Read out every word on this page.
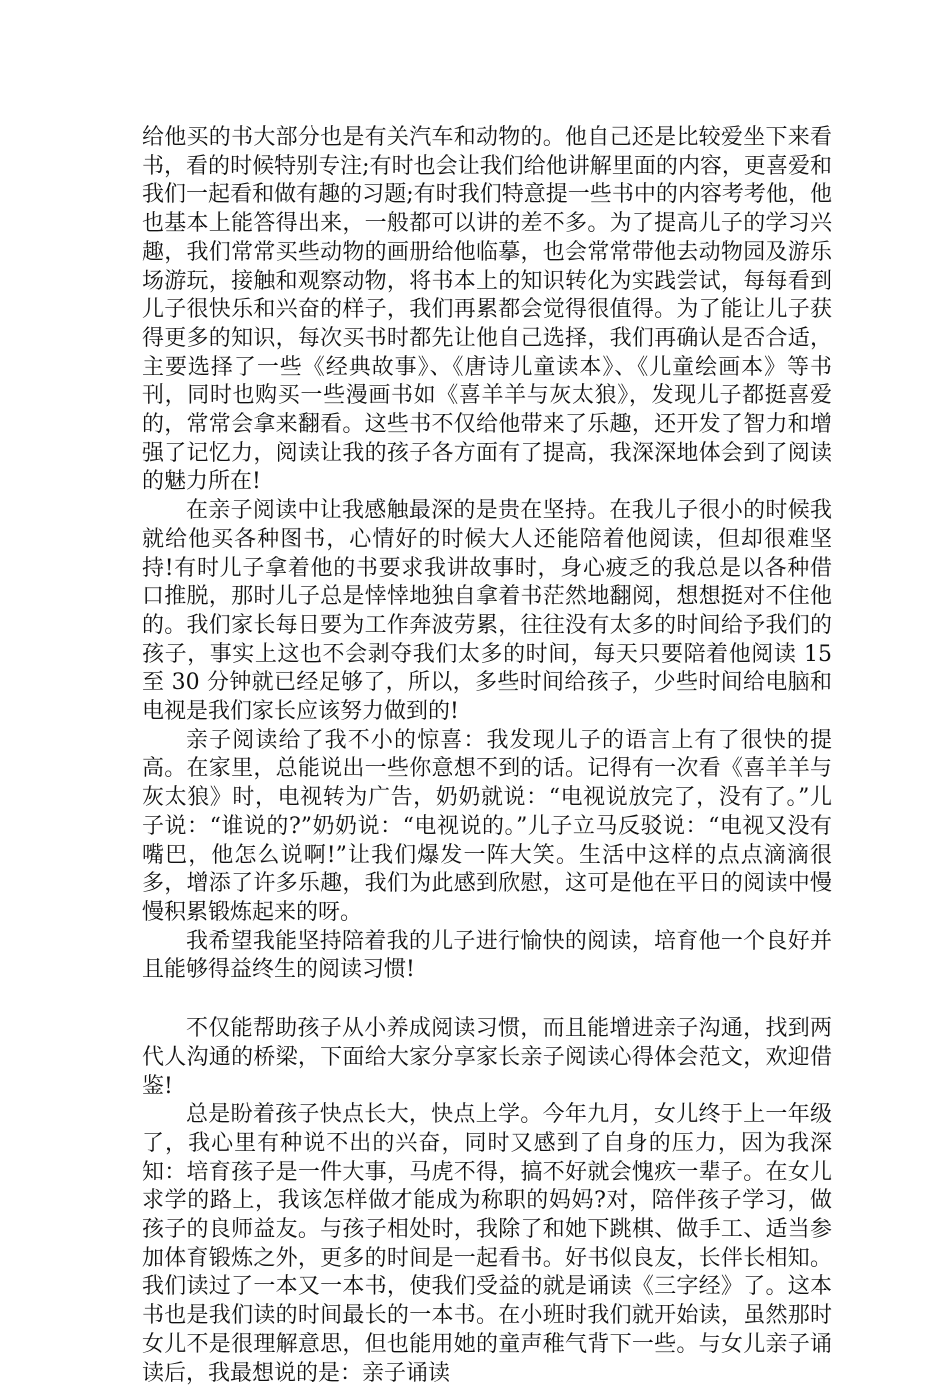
给他买的书大部分也是有关汽车和动物的。他自己还是比较爱坐下来看书，看的时候特别专注;有时也会让我们给他讲解里面的内容，更喜爱和我们一起看和做有趣的习题;有时我们特意提一些书中的内容考考他，他也基本上能答得出来，一般都可以讲的差不多。为了提高儿子的学习兴趣，我们常常买些动物的画册给他临摹，也会常常带他去动物园及游乐场游玩，接触和观察动物，将书本上的知识转化为实践尝试，每每看到儿子很快乐和兴奋的样子，我们再累都会觉得很值得。为了能让儿子获得更多的知识，每次买书时都先让他自己选择，我们再确认是否合适，主要选择了一些《经典故事》、《唐诗儿童读本》、《儿童绘画本》等书刊，同时也购买一些漫画书如《喜羊羊与灰太狼》，发现儿子都挺喜爱的，常常会拿来翻看。这些书不仅给他带来了乐趣，还开发了智力和增强了记忆力，阅读让我的孩子各方面有了提高，我深深地体会到了阅读的魅力所在!

在亲子阅读中让我感触最深的是贵在坚持。在我儿子很小的时候我就给他买各种图书，心情好的时候大人还能陪着他阅读，但却很难坚持!有时儿子拿着他的书要求我讲故事时，身心疲乏的我总是以各种借口推脱，那时儿子总是悻悻地独自拿着书茫然地翻阅，想想挺对不住他的。我们家长每日要为工作奔波劳累，往往没有太多的时间给予我们的孩子，事实上这也不会剥夺我们太多的时间，每天只要陪着他阅读 15 至 30 分钟就已经足够了，所以，多些时间给孩子，少些时间给电脑和电视是我们家长应该努力做到的!

亲子阅读给了我不小的惊喜：我发现儿子的语言上有了很快的提高。在家里，总能说出一些你意想不到的话。记得有一次看《喜羊羊与灰太狼》时，电视转为广告，奶奶就说：“电视说放完了，没有了。”儿子说：“谁说的?”奶奶说：“电视说的。”儿子立马反驳说：“电视又没有嘴巴，他怎么说啊!”让我们爆发一阵大笑。生活中这样的点点滴滴很多，增添了许多乐趣，我们为此感到欣慰，这可是他在平日的阅读中慢慢积累锻炼起来的呀。

我希望我能坚持陪着我的儿子进行愉快的阅读，培育他一个良好并且能够得益终生的阅读习惯!

不仅能帮助孩子从小养成阅读习惯，而且能增进亲子沟通，找到两代人沟通的桥梁，下面给大家分享家长亲子阅读心得体会范文，欢迎借鉴!

总是盼着孩子快点长大，快点上学。今年九月，女儿终于上一年级了，我心里有种说不出的兴奋，同时又感到了自身的压力，因为我深知：培育孩子是一件大事，马虎不得，搞不好就会愧疚一辈子。在女儿求学的路上，我该怎样做才能成为称职的妈妈?对，陪伴孩子学习，做孩子的良师益友。与孩子相处时，我除了和她下跳棋、做手工、适当参加体育锻炼之外，更多的时间是一起看书。好书似良友，长伴长相知。我们读过了一本又一本书，使我们受益的就是诵读《三字经》了。这本书也是我们读的时间最长的一本书。在小班时我们就开始读，虽然那时女儿不是很理解意思，但也能用她的童声稚气背下一些。与女儿亲子诵读后，我最想说的是：亲子诵读
